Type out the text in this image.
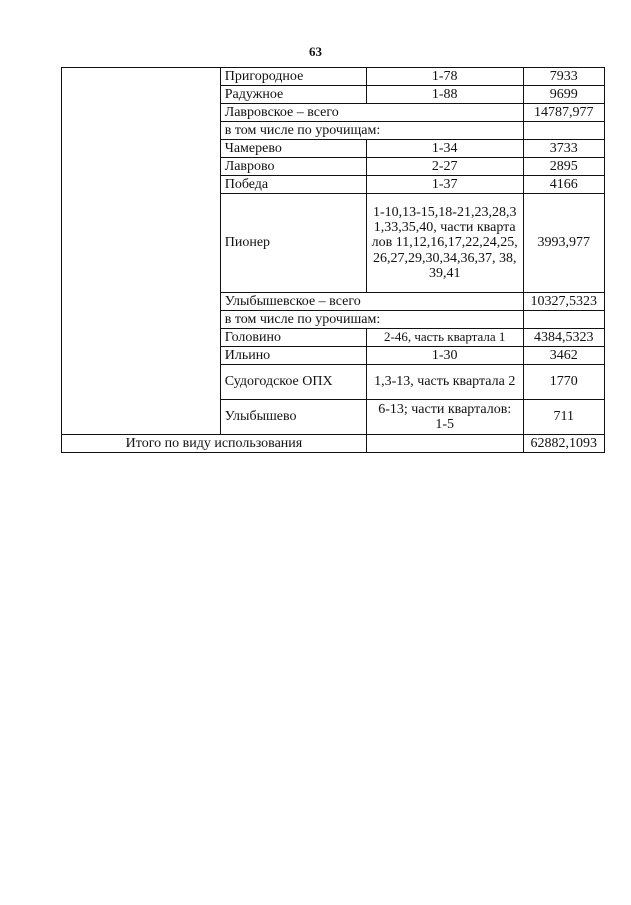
63
	Пригородное	1-78	7933
	Радужное	1-88	9699
	Лавровское – всего		14787,977
	в том числе по урочищам:		
	Чамерево	1-34	3733
	Лаврово	2-27	2895
	Победа	1-37	4166
	Пионер	1-10,13-15,18-21,23,28,31,33,35,40, части кварталов 11,12,16,17,22,24,25,26,27,29,30,34,36,37, 38,39,41	3993,977
	Улыбышевское – всего		10327,5323
	в том числе по урочишам:		
	Головино	2-46, часть квартала 1	4384,5323
	Ильино	1-30	3462
	Судогодское ОПХ	1,3-13, часть квартала 2	1770
	Улыбышево	6-13; части кварталов: 1-5	711
Итого по виду использования			62882,1093
